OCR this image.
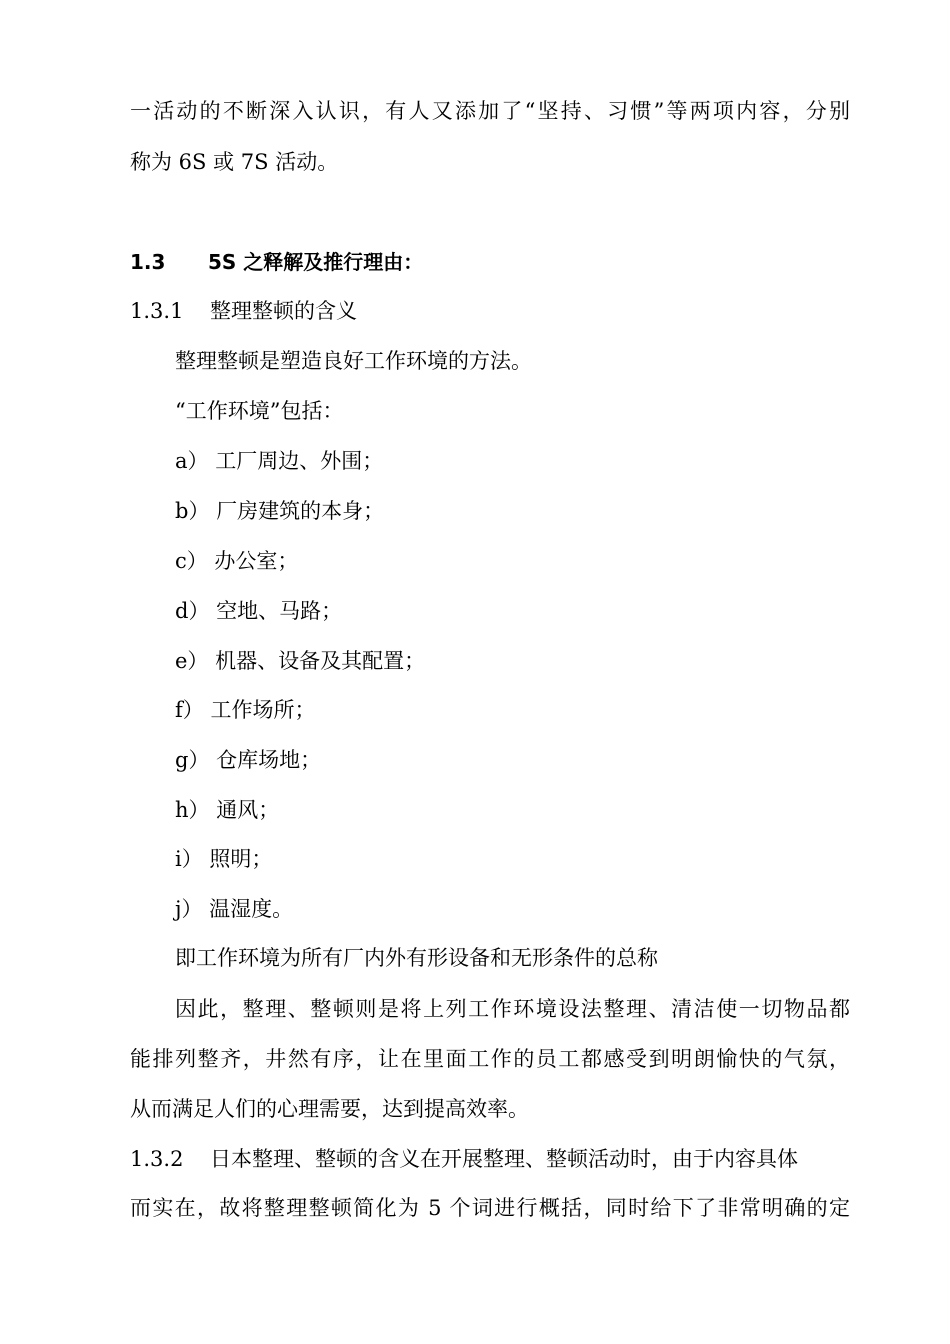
一活动的不断深入认识，有人又添加了“坚持、习惯”等两项内容，分别
称为 6S 或 7S 活动。
1.3 5S 之释解及推行理由：
1.3.1 整理整顿的含义
整理整顿是塑造良好工作环境的方法。
“工作环境”包括：
a） 工厂周边、外围；
b） 厂房建筑的本身；
c） 办公室；
d） 空地、马路；
e） 机器、设备及其配置；
f） 工作场所；
g） 仓库场地；
h） 通风；
i） 照明；
j） 温湿度。
即工作环境为所有厂内外有形设备和无形条件的总称
因此，整理、整顿则是将上列工作环境设法整理、清洁使一切物品都
能排列整齐，井然有序，让在里面工作的员工都感受到明朗愉快的气氛，
从而满足人们的心理需要，达到提高效率。
1.3.2 日本整理、整顿的含义在开展整理、整顿活动时，由于内容具体
而实在，故将整理整顿简化为 5 个词进行概括，同时给下了非常明确的定
